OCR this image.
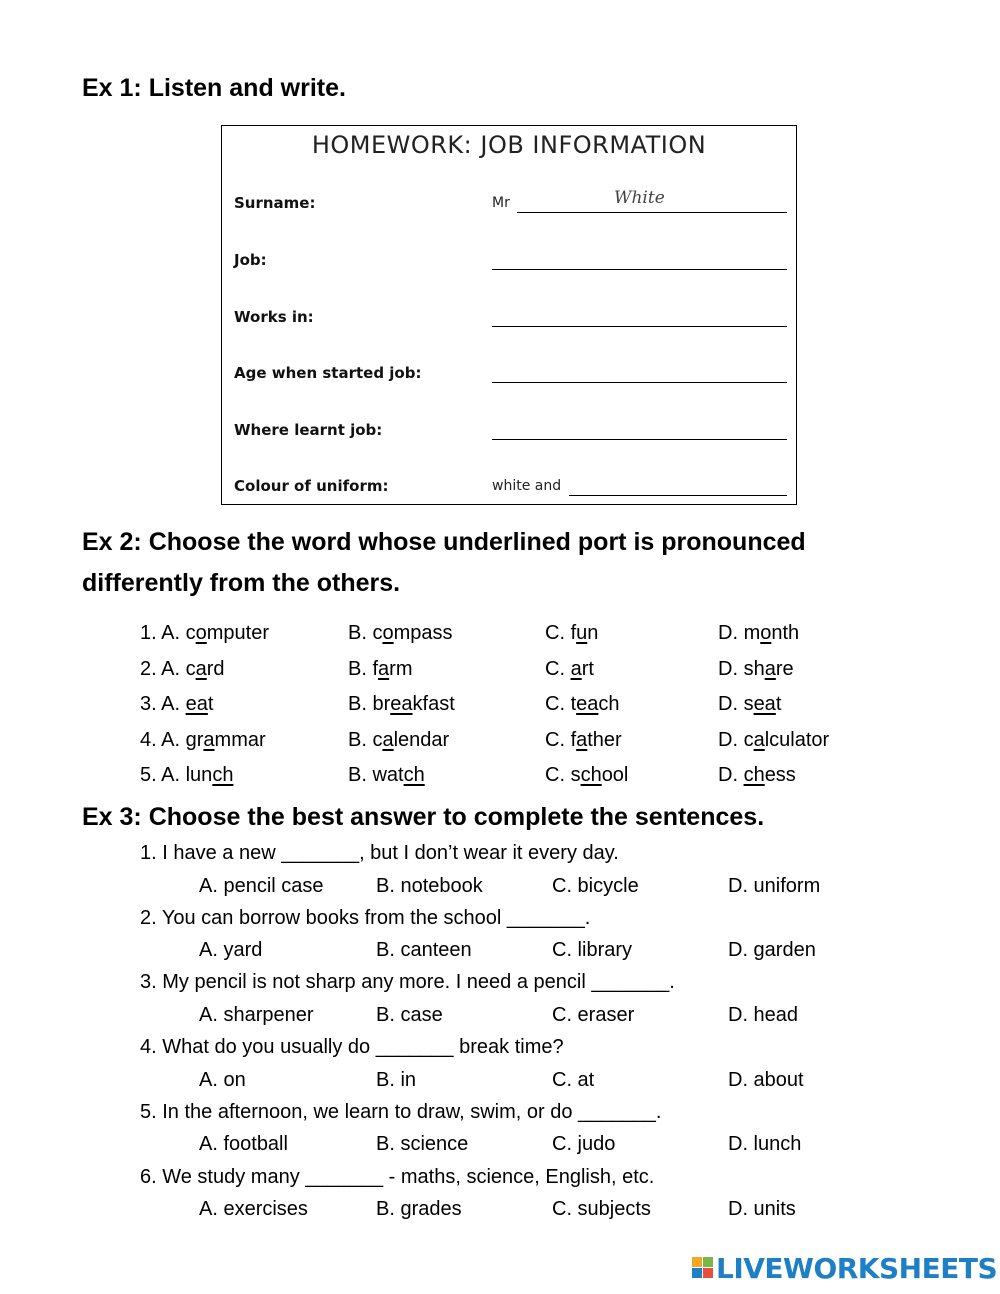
Ex 1: Listen and write.
HOMEWORK: JOB INFORMATION
Surname:	Mr	White
Job:
Works in:
Age when started job:
Where learnt job:
Colour of uniform:	white and
Ex 2: Choose the word whose underlined port is pronounced
differently from the others.
1. A. computer	B. compass	C. fun	D. month
2. A. card	B. farm	C. art	D. share
3. A. eat	B. breakfast	C. teach	D. seat
4. A. grammar	B. calendar	C. father	D. calculator
5. A. lunch	B. watch	C. school	D. chess
Ex 3: Choose the best answer to complete the sentences.
1. I have a new _______, but I don’t wear it every day.
A. pencil case	B. notebook	C. bicycle	D. uniform
2. You can borrow books from the school _______.
A. yard	B. canteen	C. library	D. garden
3. My pencil is not sharp any more. I need a pencil _______.
A. sharpener	B. case	C. eraser	D. head
4. What do you usually do _______ break time?
A. on	B. in	C. at	D. about
5. In the afternoon, we learn to draw, swim, or do _______.
A. football	B. science	C. judo	D. lunch
6. We study many _______ - maths, science, English, etc.
A. exercises	B. grades	C. subjects	D. units
LIVEWORKSHEETS
